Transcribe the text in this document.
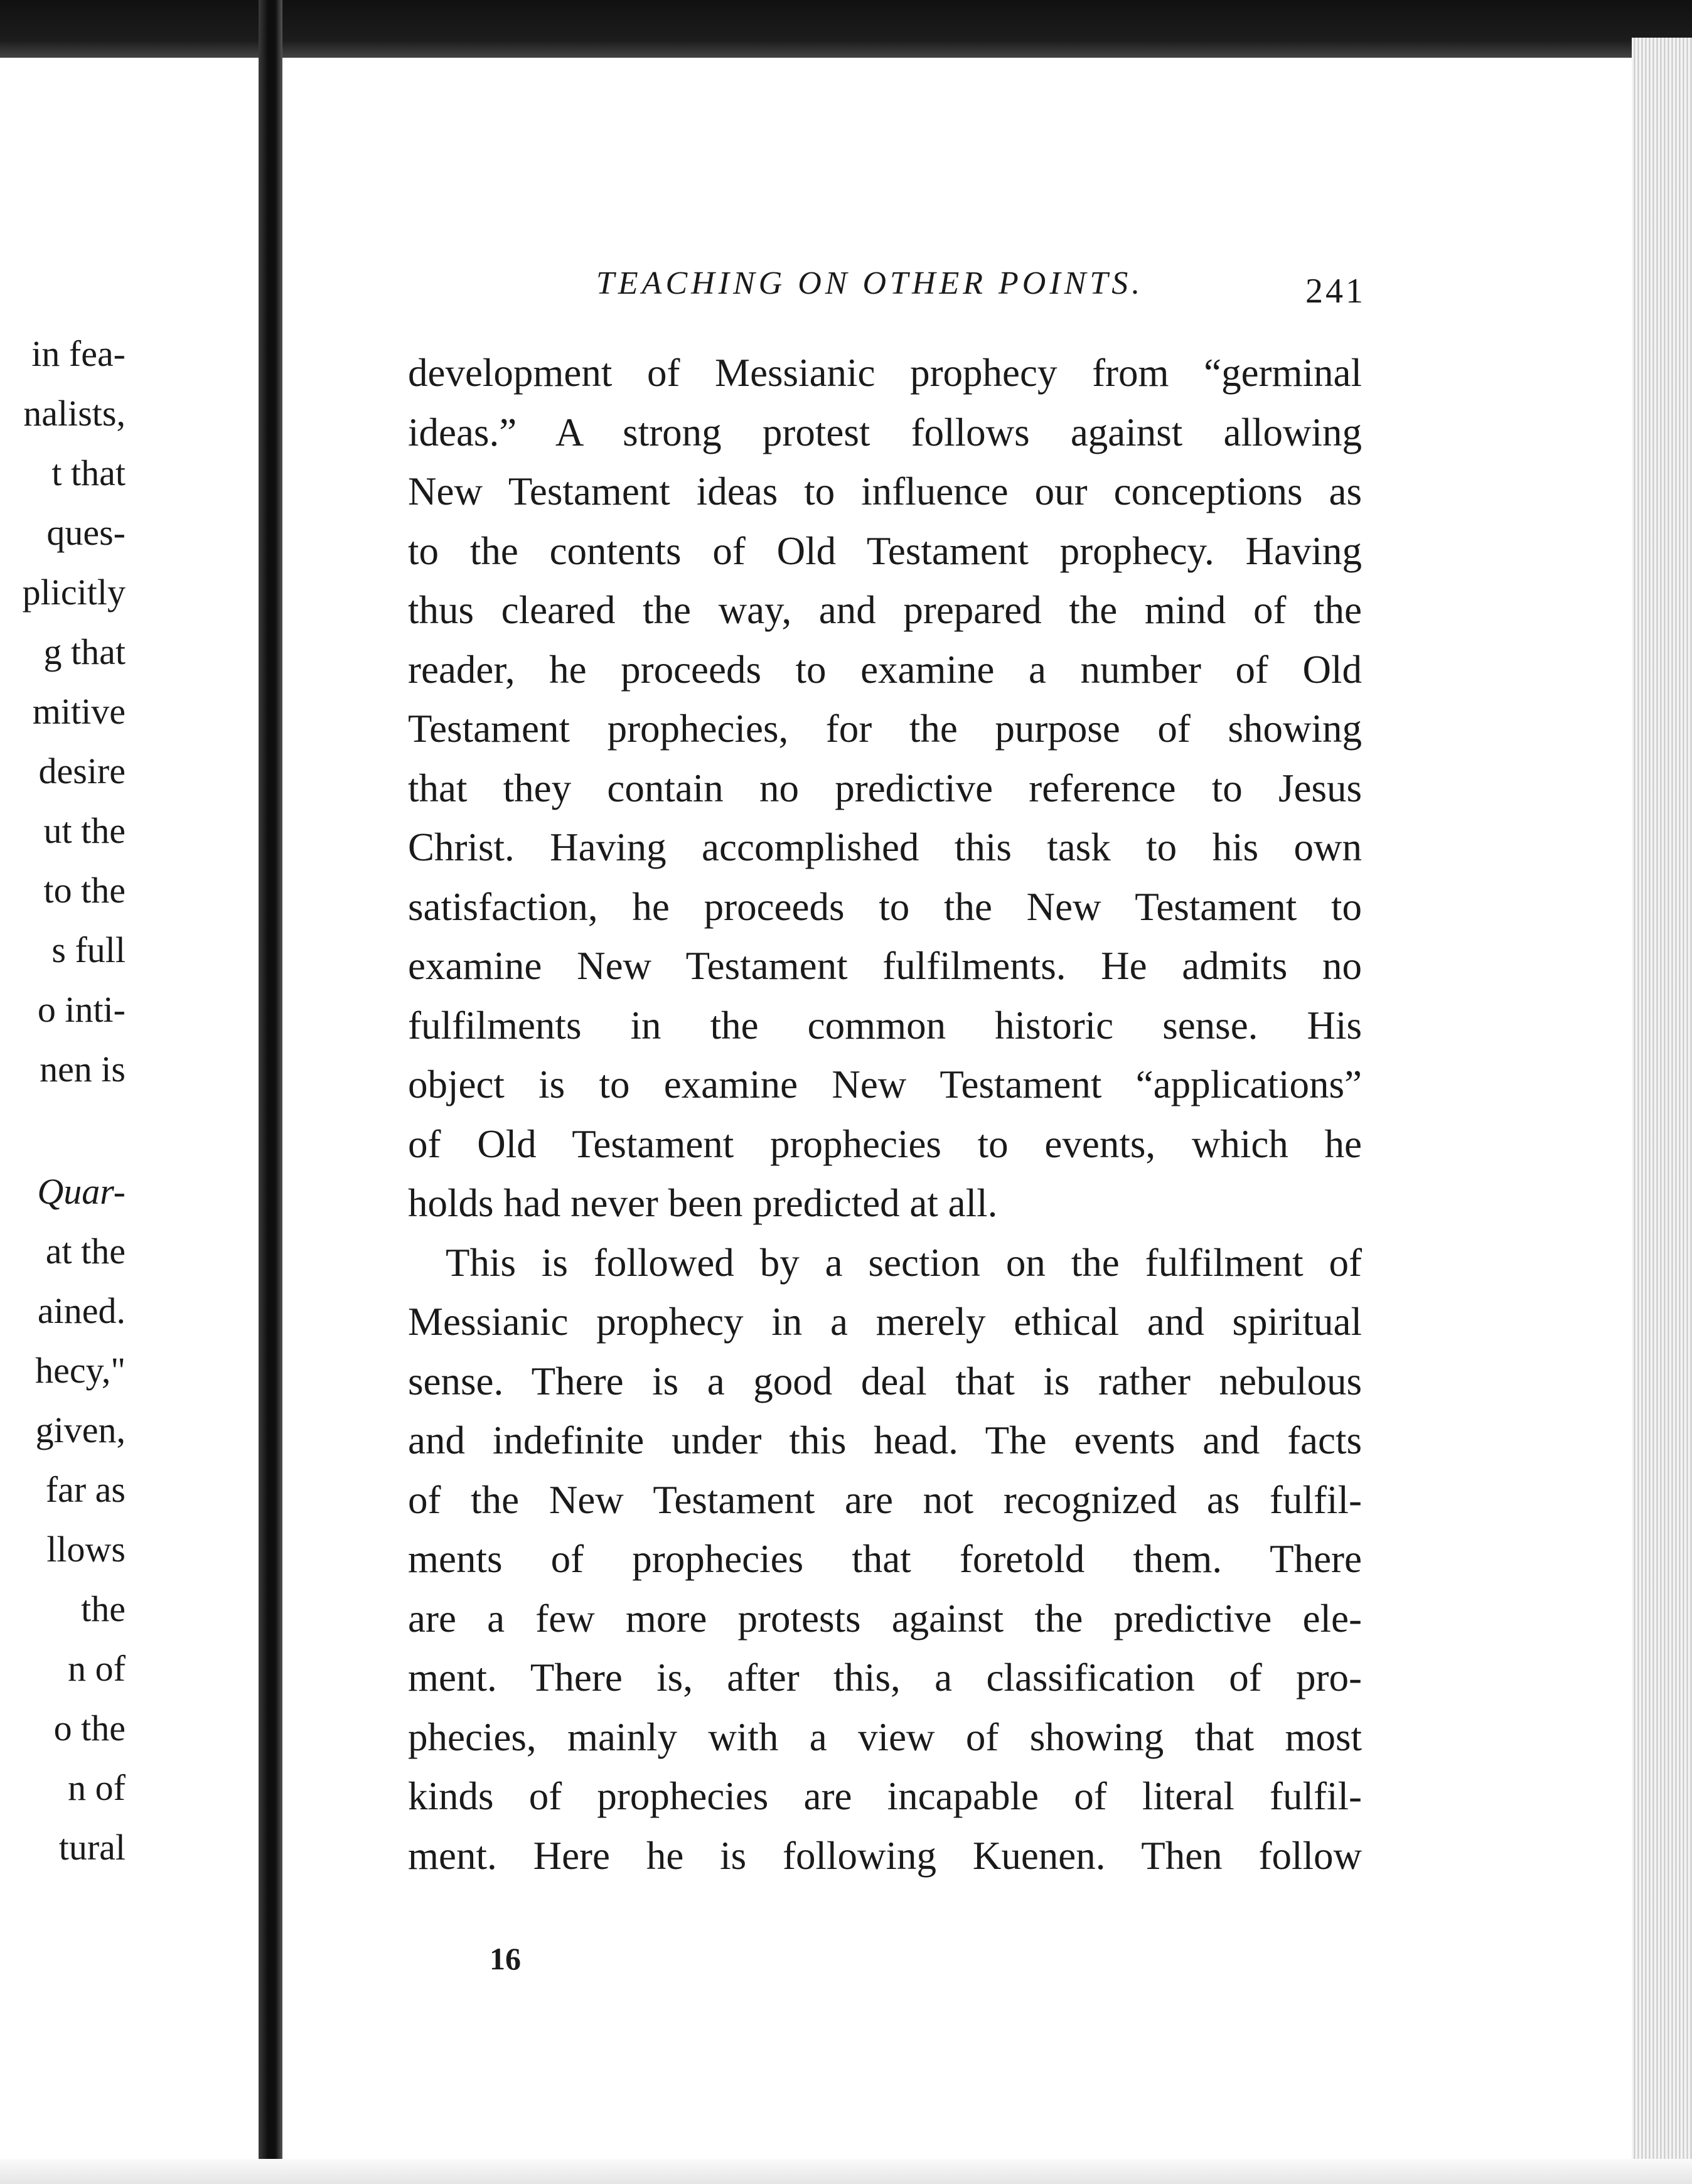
in fea-
nalists,
t that
ques-
plicitly
g that
mitive
desire
ut the
to the
s full
o inti-
nen is
Quar-
at the
ained.
hecy,"
given,
far as
llows
the
n of
o the
n of
tural
TEACHING ON OTHER POINTS.	241

development of Messianic prophecy from “germinal
ideas.” A strong protest follows against allowing
New Testament ideas to influence our conceptions as
to the contents of Old Testament prophecy. Having
thus cleared the way, and prepared the mind of the
reader, he proceeds to examine a number of Old
Testament prophecies, for the purpose of showing
that they contain no predictive reference to Jesus
Christ. Having accomplished this task to his own
satisfaction, he proceeds to the New Testament to
examine New Testament fulfilments. He admits no
fulfilments in the common historic sense. His
object is to examine New Testament “applications”
of Old Testament prophecies to events, which he
holds had never been predicted at all.

This is followed by a section on the fulfilment of
Messianic prophecy in a merely ethical and spiritual
sense. There is a good deal that is rather nebulous
and indefinite under this head. The events and facts
of the New Testament are not recognized as fulfil-
ments of prophecies that foretold them. There
are a few more protests against the predictive ele-
ment. There is, after this, a classification of pro-
phecies, mainly with a view of showing that most
kinds of prophecies are incapable of literal fulfil-
ment. Here he is following Kuenen. Then follow

16
